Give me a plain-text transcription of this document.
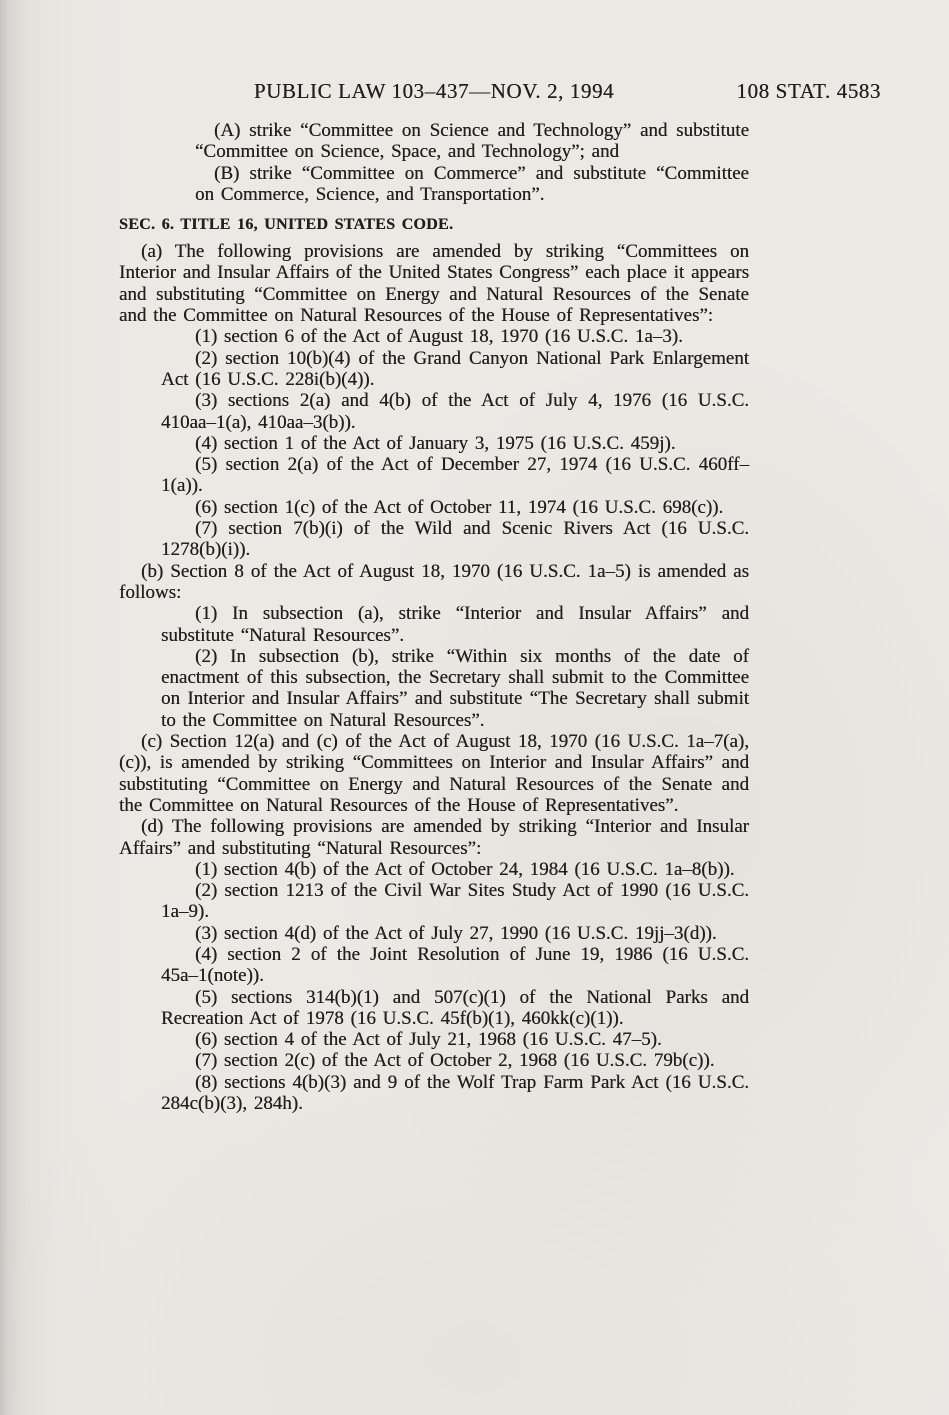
PUBLIC LAW 103–437—NOV. 2, 1994	108 STAT. 4583

(A) strike “Committee on Science and Technology” and substitute “Committee on Science, Space, and Technology”; and

(B) strike “Committee on Commerce” and substitute “Committee on Commerce, Science, and Transportation”.

SEC. 6. TITLE 16, UNITED STATES CODE.

(a) The following provisions are amended by striking “Committees on Interior and Insular Affairs of the United States Congress” each place it appears and substituting “Committee on Energy and Natural Resources of the Senate and the Committee on Natural Resources of the House of Representatives”:

(1) section 6 of the Act of August 18, 1970 (16 U.S.C. 1a–3).

(2) section 10(b)(4) of the Grand Canyon National Park Enlargement Act (16 U.S.C. 228i(b)(4)).

(3) sections 2(a) and 4(b) of the Act of July 4, 1976 (16 U.S.C. 410aa–1(a), 410aa–3(b)).

(4) section 1 of the Act of January 3, 1975 (16 U.S.C. 459j).

(5) section 2(a) of the Act of December 27, 1974 (16 U.S.C. 460ff–1(a)).

(6) section 1(c) of the Act of October 11, 1974 (16 U.S.C. 698(c)).

(7) section 7(b)(i) of the Wild and Scenic Rivers Act (16 U.S.C. 1278(b)(i)).

(b) Section 8 of the Act of August 18, 1970 (16 U.S.C. 1a–5) is amended as follows:

(1) In subsection (a), strike “Interior and Insular Affairs” and substitute “Natural Resources”.

(2) In subsection (b), strike “Within six months of the date of enactment of this subsection, the Secretary shall submit to the Committee on Interior and Insular Affairs” and substitute “The Secretary shall submit to the Committee on Natural Resources”.

(c) Section 12(a) and (c) of the Act of August 18, 1970 (16 U.S.C. 1a–7(a), (c)), is amended by striking “Committees on Interior and Insular Affairs” and substituting “Committee on Energy and Natural Resources of the Senate and the Committee on Natural Resources of the House of Representatives”.

(d) The following provisions are amended by striking “Interior and Insular Affairs” and substituting “Natural Resources”:

(1) section 4(b) of the Act of October 24, 1984 (16 U.S.C. 1a–8(b)).

(2) section 1213 of the Civil War Sites Study Act of 1990 (16 U.S.C. 1a–9).

(3) section 4(d) of the Act of July 27, 1990 (16 U.S.C. 19jj–3(d)).

(4) section 2 of the Joint Resolution of June 19, 1986 (16 U.S.C. 45a–1(note)).

(5) sections 314(b)(1) and 507(c)(1) of the National Parks and Recreation Act of 1978 (16 U.S.C. 45f(b)(1), 460kk(c)(1)).

(6) section 4 of the Act of July 21, 1968 (16 U.S.C. 47–5).

(7) section 2(c) of the Act of October 2, 1968 (16 U.S.C. 79b(c)).

(8) sections 4(b)(3) and 9 of the Wolf Trap Farm Park Act (16 U.S.C. 284c(b)(3), 284h).
